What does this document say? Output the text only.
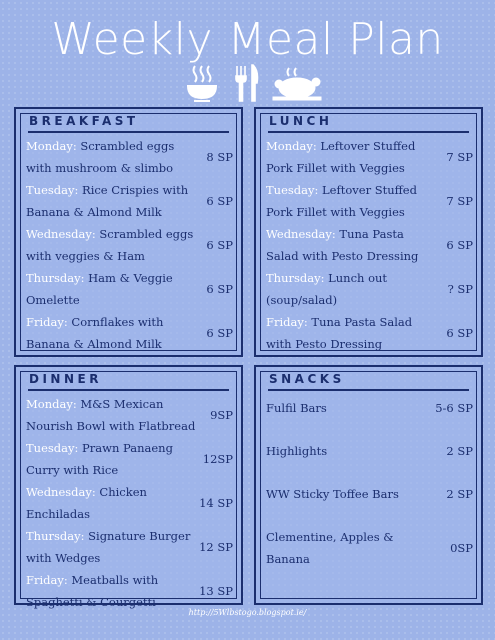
Weekly Meal Plan
BREAKFAST
Monday: Scrambled eggs with mushroom & slimbo
8 SP
Tuesday: Rice Crispies with Banana & Almond Milk
6 SP
Wednesday: Scrambled eggs with veggies & Ham
6 SP
Thursday: Ham & Veggie Omelette
6 SP
Friday: Cornflakes with Banana & Almond Milk
6 SP
LUNCH
Monday: Leftover Stuffed Pork Fillet with Veggies
7 SP
Tuesday: Leftover Stuffed Pork Fillet with Veggies
7 SP
Wednesday: Tuna Pasta Salad with Pesto Dressing
6 SP
Thursday: Lunch out (soup/salad)
? SP
Friday: Tuna Pasta Salad with Pesto Dressing
6 SP
DINNER
Monday: M&S Mexican Nourish Bowl with Flatbread
9SP
Tuesday: Prawn Panaeng Curry with Rice
12SP
Wednesday: Chicken Enchiladas
14 SP
Thursday: Signature Burger with Wedges
12 SP
Friday: Meatballs with Spaghetti & Courgetti
13 SP
SNACKS
Fulfil Bars	5-6 SP
Highlights	2 SP
WW Sticky Toffee Bars	2 SP
Clementine, Apples & Banana
0SP
http://5Wlbstogo.blogspot.ie/
